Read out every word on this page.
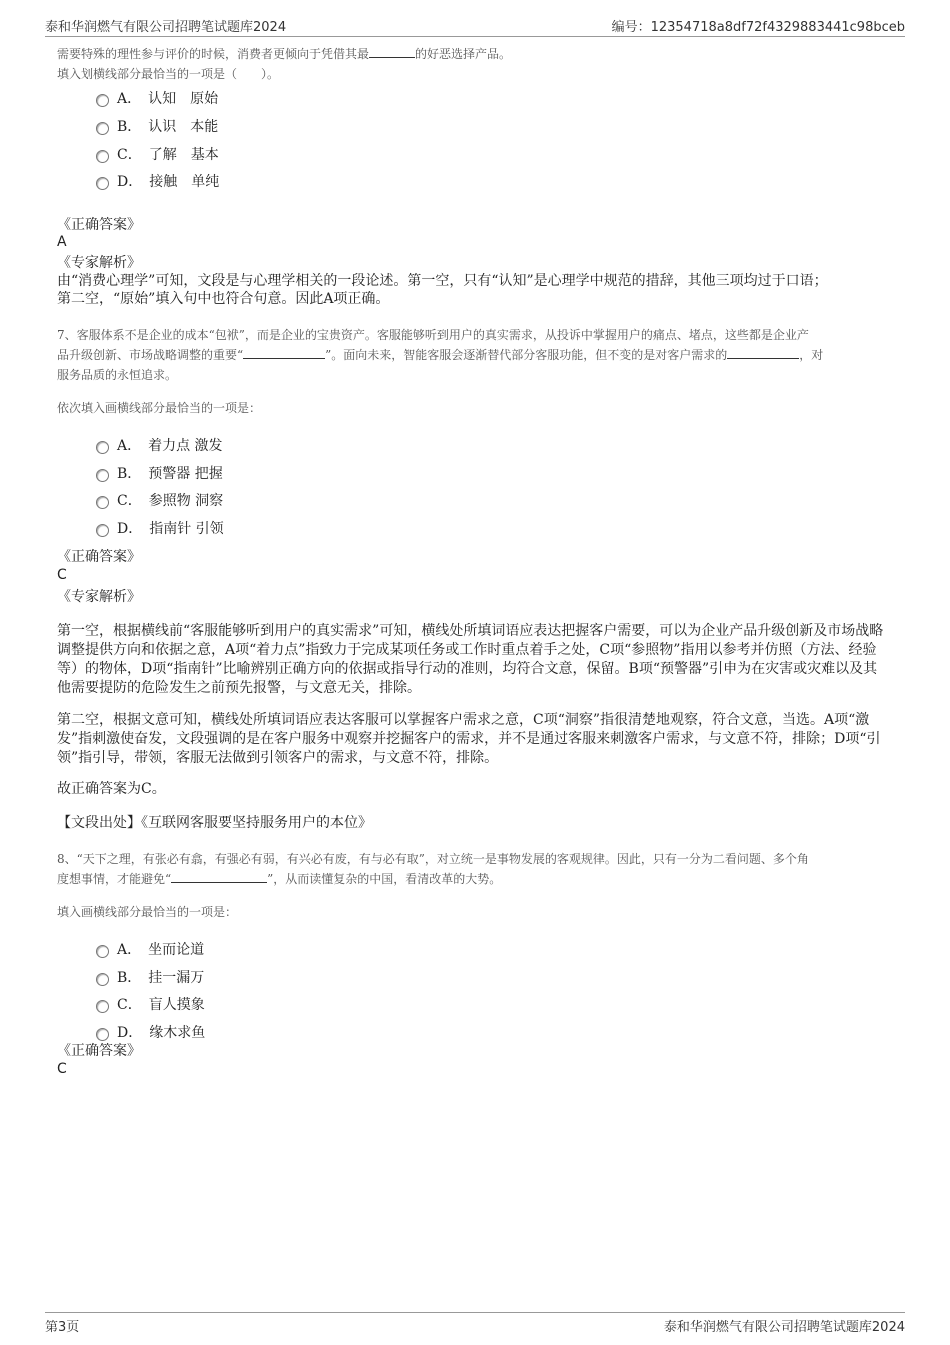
泰和华润燃气有限公司招聘笔试题库2024	编号：12354718a8df72f4329883441c98bceb
需要特殊的理性参与评价的时候，消费者更倾向于凭借其最	的好恶选择产品。
填入划横线部分最恰当的一项是（　　）。
A．　认知　原始
B．　认识　本能
C．　了解　基本
D．　接触　单纯
《正确答案》
A
《专家解析》
由“消费心理学”可知，文段是与心理学相关的一段论述。第一空，只有“认知”是心理学中规范的措辞，其他三项均过于口语；
第二空，“原始”填入句中也符合句意。因此A项正确。
7、客服体系不是企业的成本“包袱”，而是企业的宝贵资产。客服能够听到用户的真实需求，从投诉中掌握用户的痛点、堵点，这些都是企业产
品升级创新、市场战略调整的重要“	”。面向未来，智能客服会逐渐替代部分客服功能，但不变的是对客户需求的	，对
服务品质的永恒追求。
依次填入画横线部分最恰当的一项是：
A．　着力点 激发
B．　预警器 把握
C．　参照物 洞察
D．　指南针 引领
《正确答案》
C
《专家解析》
第一空，根据横线前“客服能够听到用户的真实需求”可知，横线处所填词语应表达把握客户需要，可以为企业产品升级创新及市场战略调整提供方向和依据之意，A项“着力点”指致力于完成某项任务或工作时重点着手之处，C项“参照物”指用以参考并仿照（方法、经验等）的物体，D项“指南针”比喻辨别正确方向的依据或指导行动的准则，均符合文意，保留。B项“预警器”引申为在灾害或灾难以及其他需要提防的危险发生之前预先报警，与文意无关，排除。
第二空，根据文意可知，横线处所填词语应表达客服可以掌握客户需求之意，C项“洞察”指很清楚地观察，符合文意，当选。A项“激发”指刺激使奋发，文段强调的是在客户服务中观察并挖掘客户的需求，并不是通过客服来刺激客户需求，与文意不符，排除；D项“引领”指引导，带领，客服无法做到引领客户的需求，与文意不符，排除。
故正确答案为C。
【文段出处】《互联网客服要坚持服务用户的本位》
8、“天下之理，有张必有翕，有强必有弱，有兴必有废，有与必有取”，对立统一是事物发展的客观规律。因此，只有一分为二看问题、多个角
度想事情，才能避免“	”，从而读懂复杂的中国，看清改革的大势。
填入画横线部分最恰当的一项是：
A．　坐而论道
B．　挂一漏万
C．　盲人摸象
D．　缘木求鱼
《正确答案》
C
第3页	泰和华润燃气有限公司招聘笔试题库2024
